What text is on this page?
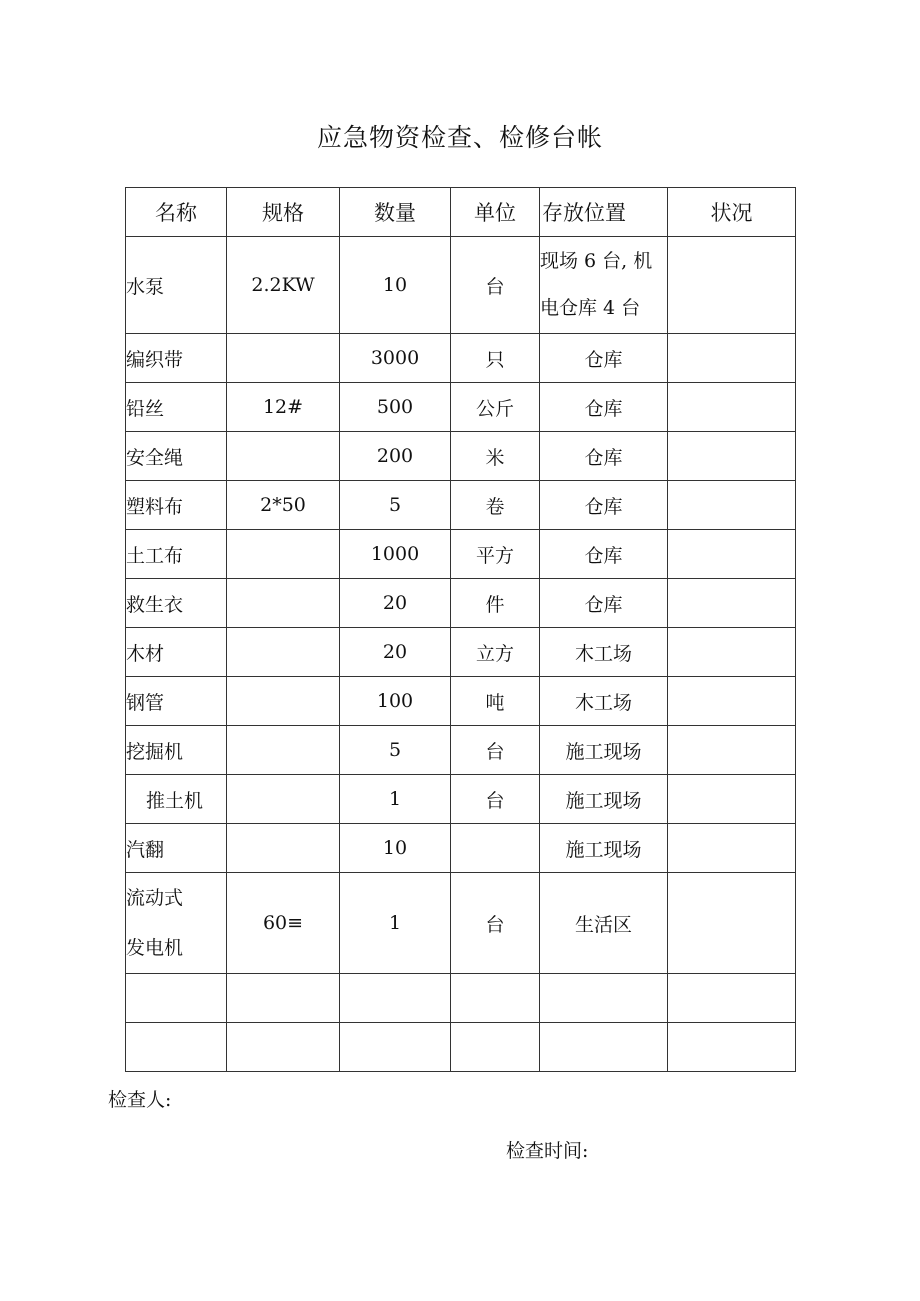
应急物资检查、检修台帐
名称	规格	数量	单位	存放位置	状况
水泵	2.2KW	10	台	现场 6 台, 机
电仓库 4 台	

编织带		3000	只	仓库	
铅丝	12#	500	公斤	仓库	
安全绳		200	米	仓库	
塑料布	2*50	5	卷	仓库	
土工布		1000	平方	仓库	
救生衣		20	件	仓库	
木材		20	立方	木工场	
钢管		100	吨	木工场	
挖掘机		5	台	施工现场	
推土机		1	台	施工现场	
汽翻		10		施工现场	

流动式
发电机	60≡	1	台	生活区	

检查人:
检查时间:
